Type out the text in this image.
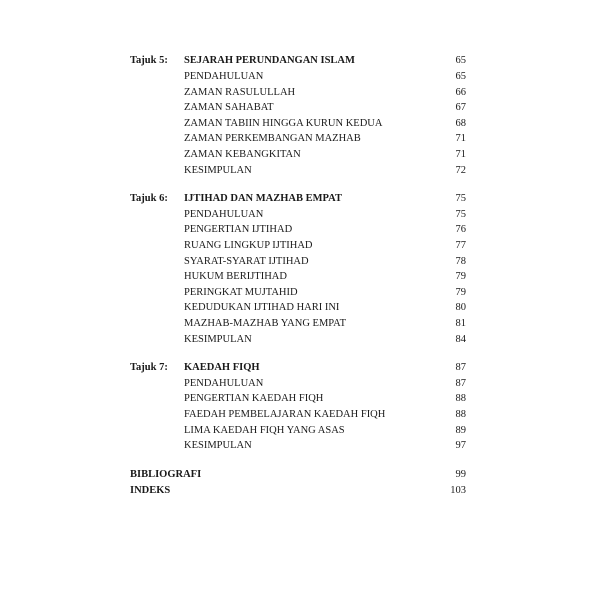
Tajuk 5: SEJARAH PERUNDANGAN ISLAM	65
PENDAHULUAN	65
ZAMAN RASULULLAH	66
ZAMAN SAHABAT	67
ZAMAN TABIIN HINGGA KURUN KEDUA	68
ZAMAN PERKEMBANGAN MAZHAB	71
ZAMAN KEBANGKITAN	71
KESIMPULAN	72
Tajuk 6: IJTIHAD DAN MAZHAB EMPAT	75
PENDAHULUAN	75
PENGERTIAN IJTIHAD	76
RUANG LINGKUP IJTIHAD	77
SYARAT-SYARAT IJTIHAD	78
HUKUM BERIJTIHAD	79
PERINGKAT MUJTAHID	79
KEDUDUKAN IJTIHAD HARI INI	80
MAZHAB-MAZHAB YANG EMPAT	81
KESIMPULAN	84
Tajuk 7: KAEDAH FIQH	87
PENDAHULUAN	87
PENGERTIAN KAEDAH FIQH	88
FAEDAH PEMBELAJARAN KAEDAH FIQH	88
LIMA KAEDAH FIQH YANG ASAS	89
KESIMPULAN	97
BIBLIOGRAFI	99
INDEKS	103
